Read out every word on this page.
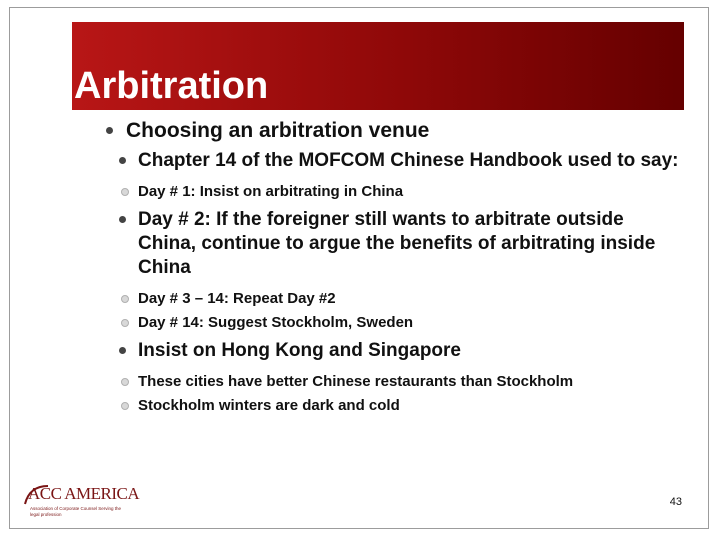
Arbitration
Choosing an arbitration venue
Chapter 14 of the MOFCOM Chinese Handbook used to say:
Day # 1: Insist on arbitrating in China
Day # 2: If the foreigner still wants to arbitrate outside China, continue to argue the benefits of arbitrating inside China
Day # 3 – 14: Repeat Day #2
Day # 14: Suggest Stockholm, Sweden
Insist on Hong Kong and Singapore
These cities have better Chinese restaurants than Stockholm
Stockholm winters are dark and cold
ACC AMERICA
Association of Corporate Counsel Serving the legal profession
43
